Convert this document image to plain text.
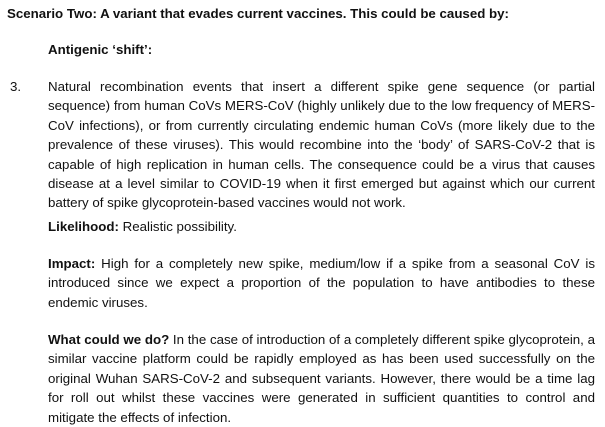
Scenario Two: A variant that evades current vaccines. This could be caused by:
Antigenic ‘shift’:
3. Natural recombination events that insert a different spike gene sequence (or partial sequence) from human CoVs MERS-CoV (highly unlikely due to the low frequency of MERS-CoV infections), or from currently circulating endemic human CoVs (more likely due to the prevalence of these viruses). This would recombine into the ‘body’ of SARS-CoV-2 that is capable of high replication in human cells. The consequence could be a virus that causes disease at a level similar to COVID-19 when it first emerged but against which our current battery of spike glycoprotein-based vaccines would not work.
Likelihood: Realistic possibility.
Impact: High for a completely new spike, medium/low if a spike from a seasonal CoV is introduced since we expect a proportion of the population to have antibodies to these endemic viruses.
What could we do? In the case of introduction of a completely different spike glycoprotein, a similar vaccine platform could be rapidly employed as has been used successfully on the original Wuhan SARS-CoV-2 and subsequent variants. However, there would be a time lag for roll out whilst these vaccines were generated in sufficient quantities to control and mitigate the effects of infection.
